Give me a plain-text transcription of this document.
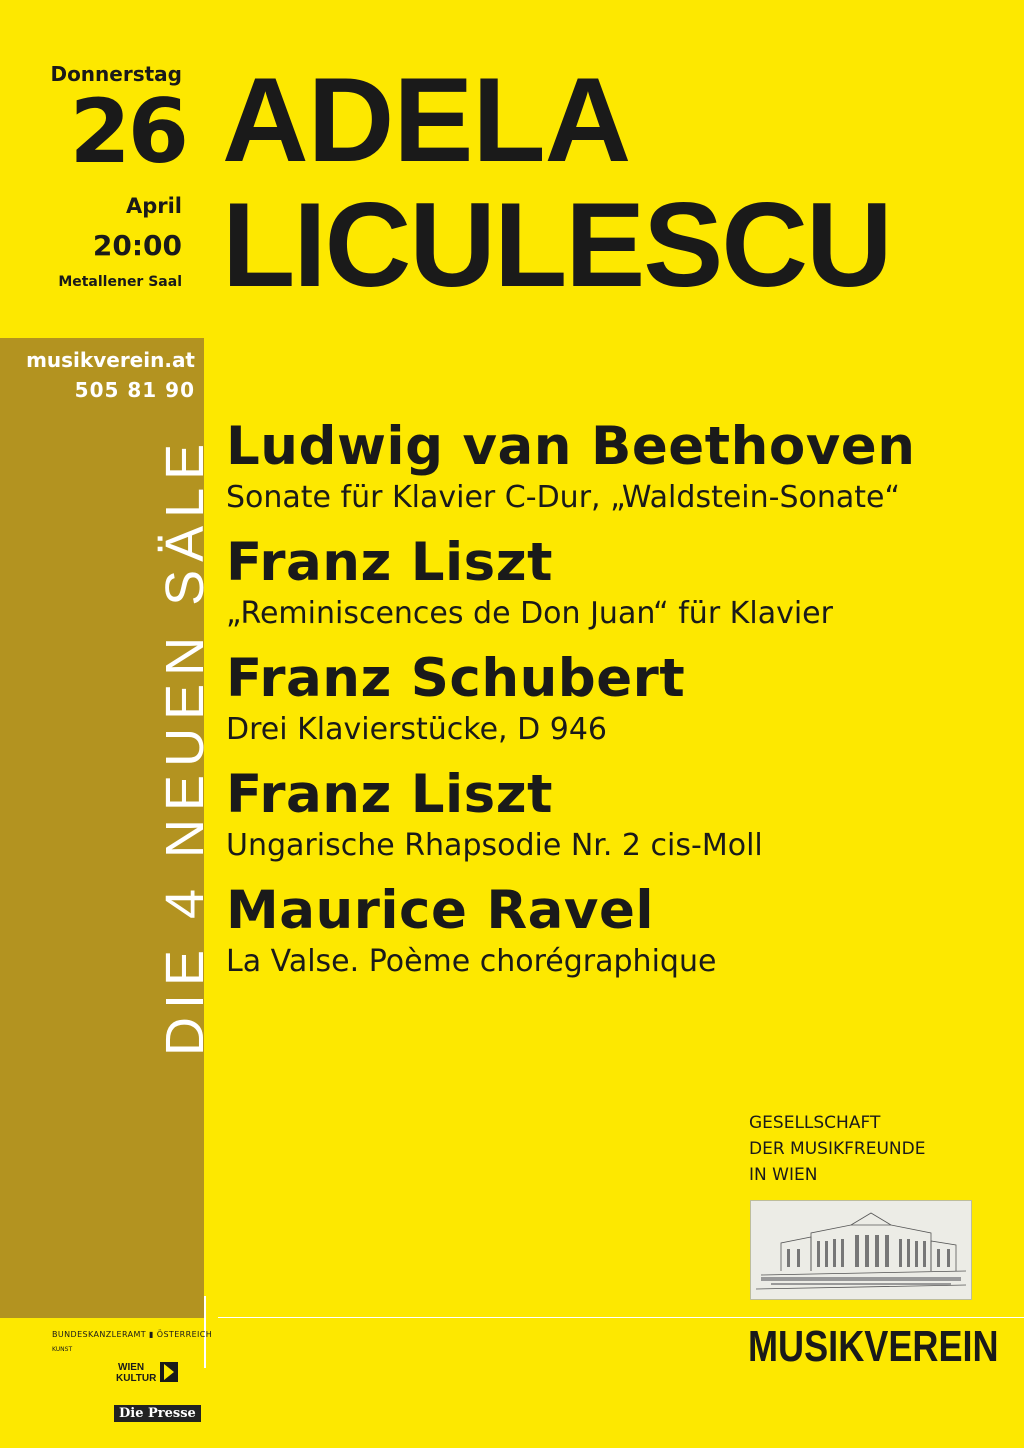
Donnerstag
26
April
20:00
Metallener Saal
ADELA
LICULESCU
musikverein.at
505 81 90
DIE 4 NEUEN SÄLE Ludwig van Beethoven
Sonate für Klavier C-Dur, „Waldstein-Sonate“
Franz Liszt
„Reminiscences de Don Juan“ für Klavier
Franz Schubert
Drei Klavierstücke, D 946
Franz Liszt
Ungarische Rhapsodie Nr. 2 cis-Moll
Maurice Ravel
La Valse. Poème chorégraphique
GESELLSCHAFT
DER MUSIKFREUNDE
IN WIEN
MUSIKVEREIN
BUNDESKANZLERAMT ▮ ÖSTERREICH
KUNST
WIEN
KULTUR
Die Presse
